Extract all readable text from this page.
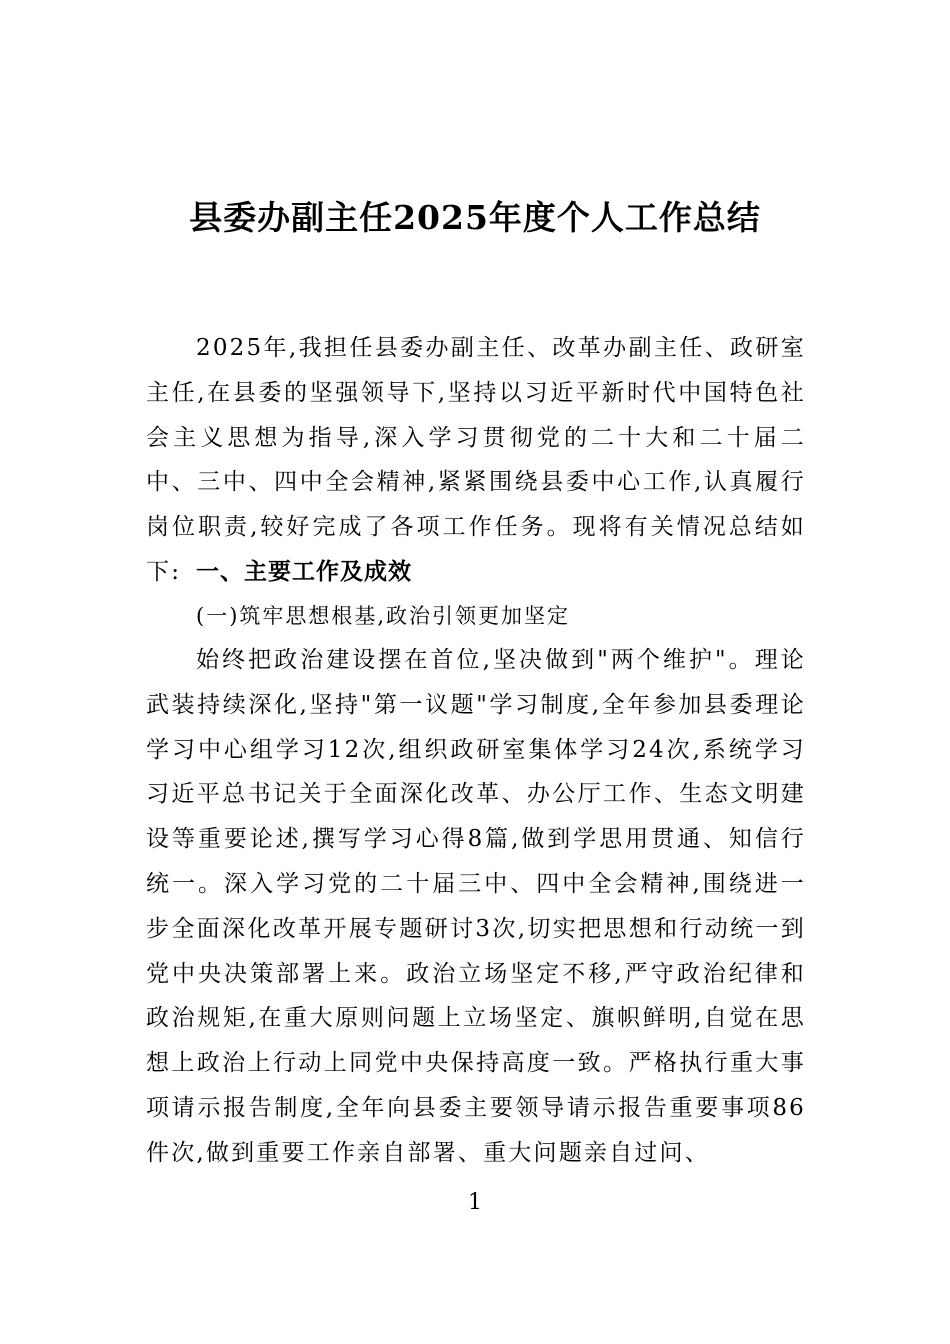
县委办副主任2025年度个人工作总结
2025年,我担任县委办副主任、改革办副主任、政研室主任,在县委的坚强领导下,坚持以习近平新时代中国特色社会主义思想为指导,深入学习贯彻党的二十大和二十届二中、三中、四中全会精神,紧紧围绕县委中心工作,认真履行岗位职责,较好完成了各项工作任务。现将有关情况总结如下: 一、主要工作及成效
(一)筑牢思想根基,政治引领更加坚定
始终把政治建设摆在首位,坚决做到"两个维护"。理论武装持续深化,坚持"第一议题"学习制度,全年参加县委理论学习中心组学习12次,组织政研室集体学习24次,系统学习习近平总书记关于全面深化改革、办公厅工作、生态文明建设等重要论述,撰写学习心得8篇,做到学思用贯通、知信行统一。深入学习党的二十届三中、四中全会精神,围绕进一步全面深化改革开展专题研讨3次,切实把思想和行动统一到党中央决策部署上来。政治立场坚定不移,严守政治纪律和政治规矩,在重大原则问题上立场坚定、旗帜鲜明,自觉在思想上政治上行动上同党中央保持高度一致。严格执行重大事项请示报告制度,全年向县委主要领导请示报告重要事项86件次,做到重要工作亲自部署、重大问题亲自过问、
1
